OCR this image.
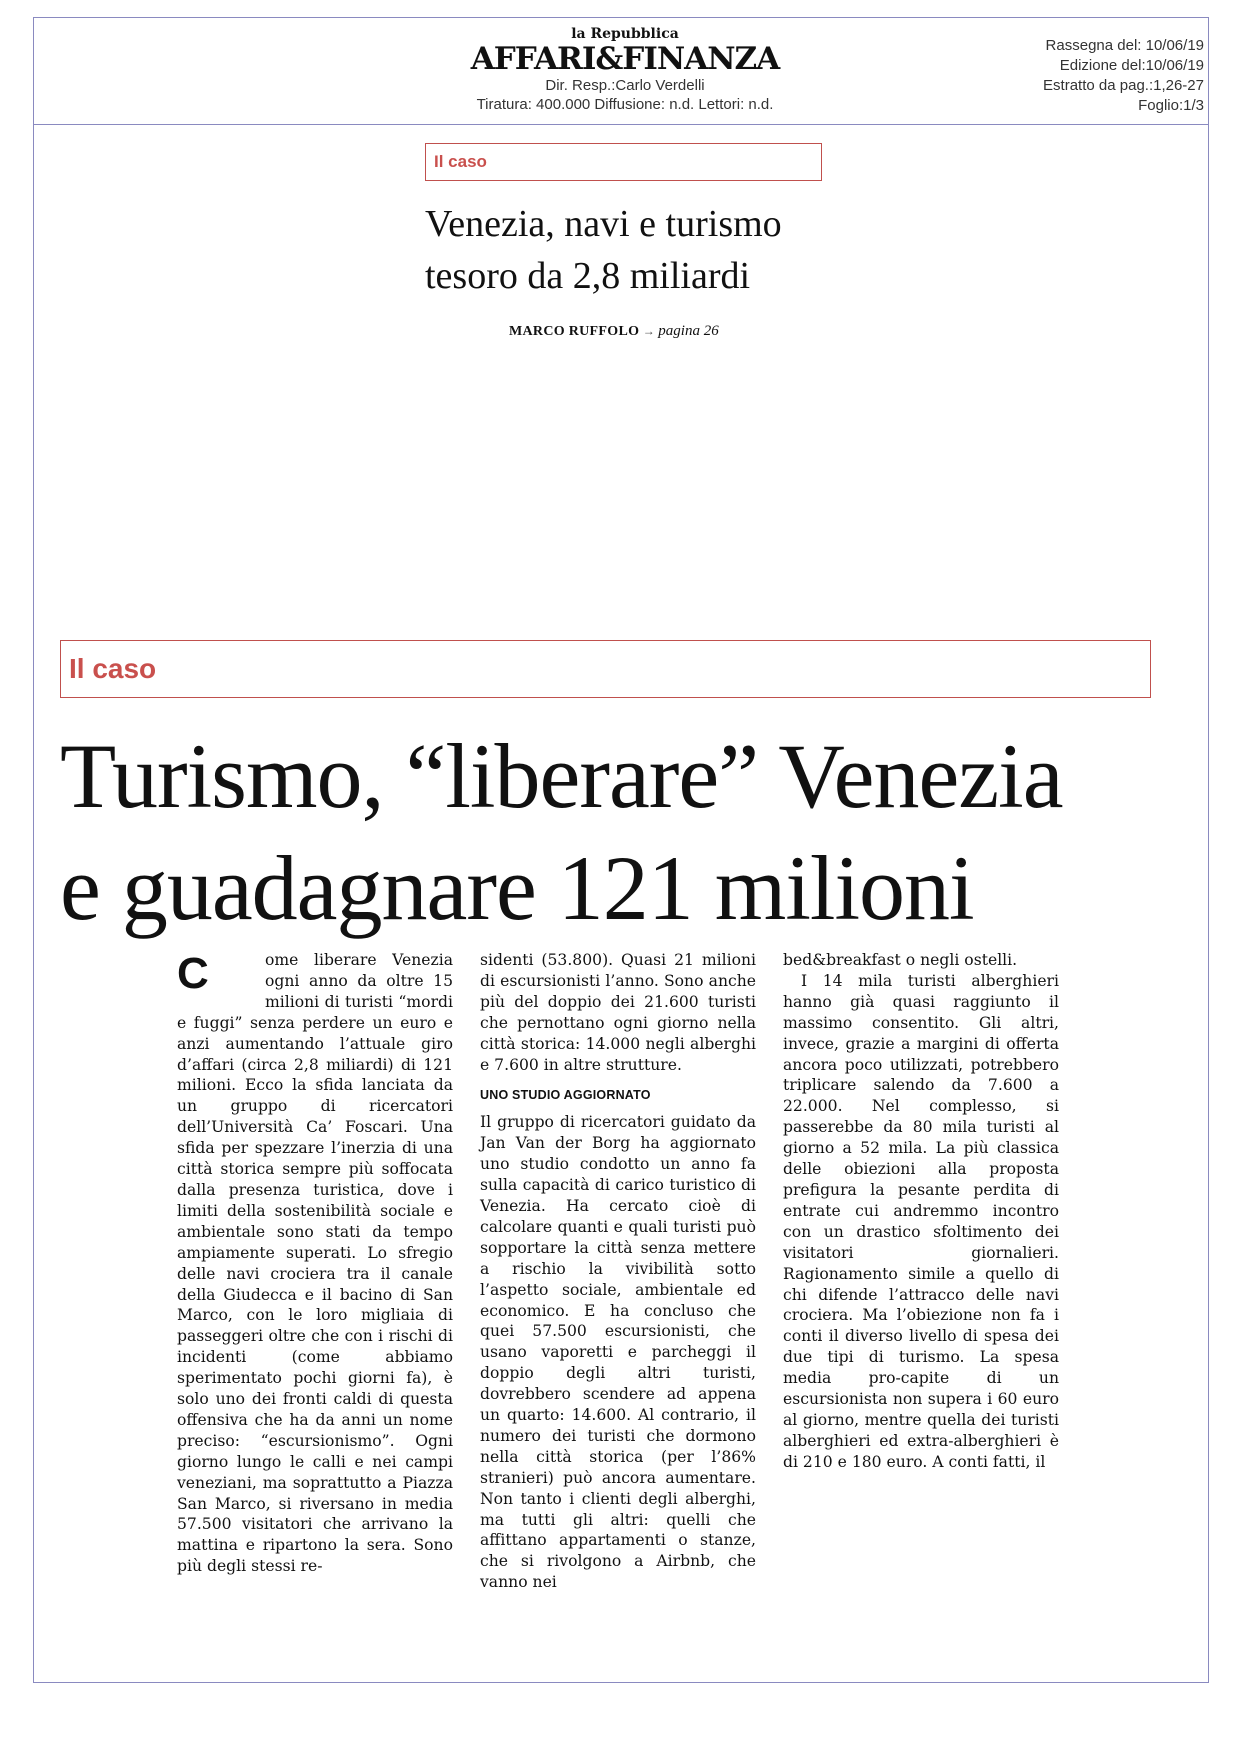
la Repubblica
AFFARI&FINANZA
Dir. Resp.:Carlo Verdelli
Tiratura: 400.000 Diffusione: n.d. Lettori: n.d.
Rassegna del: 10/06/19
Edizione del:10/06/19
Estratto da pag.:1,26-27
Foglio:1/3
Il caso
Venezia, navi e turismo
tesoro da 2,8 miliardi
MARCO RUFFOLO → pagina 26
Il caso
Turismo, “liberare” Venezia
e guadagnare 121 milioni
C	ome liberare Venezia ogni anno da oltre 15 milioni di turisti “mordi e fuggi” senza perdere un euro e anzi aumentando l’attuale giro d’affari (circa 2,8 miliardi) di 121 milioni. Ecco la sfida lanciata da un gruppo di ricercatori dell’Università Ca’ Foscari. Una sfida per spezzare l’inerzia di una città storica sempre più soffocata dalla presenza turistica, dove i limiti della sostenibilità sociale e ambientale sono stati da tempo ampiamente superati. Lo sfregio delle navi crociera tra il canale della Giudecca e il bacino di San Marco, con le loro migliaia di passeggeri oltre che con i rischi di incidenti (come abbiamo sperimentato pochi giorni fa), è solo uno dei fronti caldi di questa offensiva che ha da anni un nome preciso: “escursionismo”. Ogni giorno lungo le calli e nei campi veneziani, ma soprattutto a Piazza San Marco, si riversano in media 57.500 visitatori che arrivano la mattina e ripartono la sera. Sono più degli stessi re-

sidenti (53.800). Quasi 21 milioni di escursionisti l’anno. Sono anche più del doppio dei 21.600 turisti che pernottano ogni giorno nella città storica: 14.000 negli alberghi e 7.600 in altre strutture.

UNO STUDIO AGGIORNATO

Il gruppo di ricercatori guidato da Jan Van der Borg ha aggiornato uno studio condotto un anno fa sulla capacità di carico turistico di Venezia. Ha cercato cioè di calcolare quanti e quali turisti può sopportare la città senza mettere a rischio la vivibilità sotto l’aspetto sociale, ambientale ed economico. E ha concluso che quei 57.500 escursionisti, che usano vaporetti e parcheggi il doppio degli altri turisti, dovrebbero scendere ad appena un quarto: 14.600. Al contrario, il numero dei turisti che dormono nella città storica (per l’86% stranieri) può ancora aumentare. Non tanto i clienti degli alberghi, ma tutti gli altri: quelli che affittano appartamenti o stanze, che si rivolgono a Airbnb, che vanno nei

bed&breakfast o negli ostelli.

I 14 mila turisti alberghieri hanno già quasi raggiunto il massimo consentito. Gli altri, invece, grazie a margini di offerta ancora poco utilizzati, potrebbero triplicare salendo da 7.600 a 22.000. Nel complesso, si passerebbe da 80 mila turisti al giorno a 52 mila. La più classica delle obiezioni alla proposta prefigura la pesante perdita di entrate cui andremmo incontro con un drastico sfoltimento dei visitatori giornalieri. Ragionamento simile a quello di chi difende l’attracco delle navi crociera. Ma l’obiezione non fa i conti il diverso livello di spesa dei due tipi di turismo. La spesa media pro-capite di un escursionista non supera i 60 euro al giorno, mentre quella dei turisti alberghieri ed extra-alberghieri è di 210 e 180 euro. A conti fatti, il
